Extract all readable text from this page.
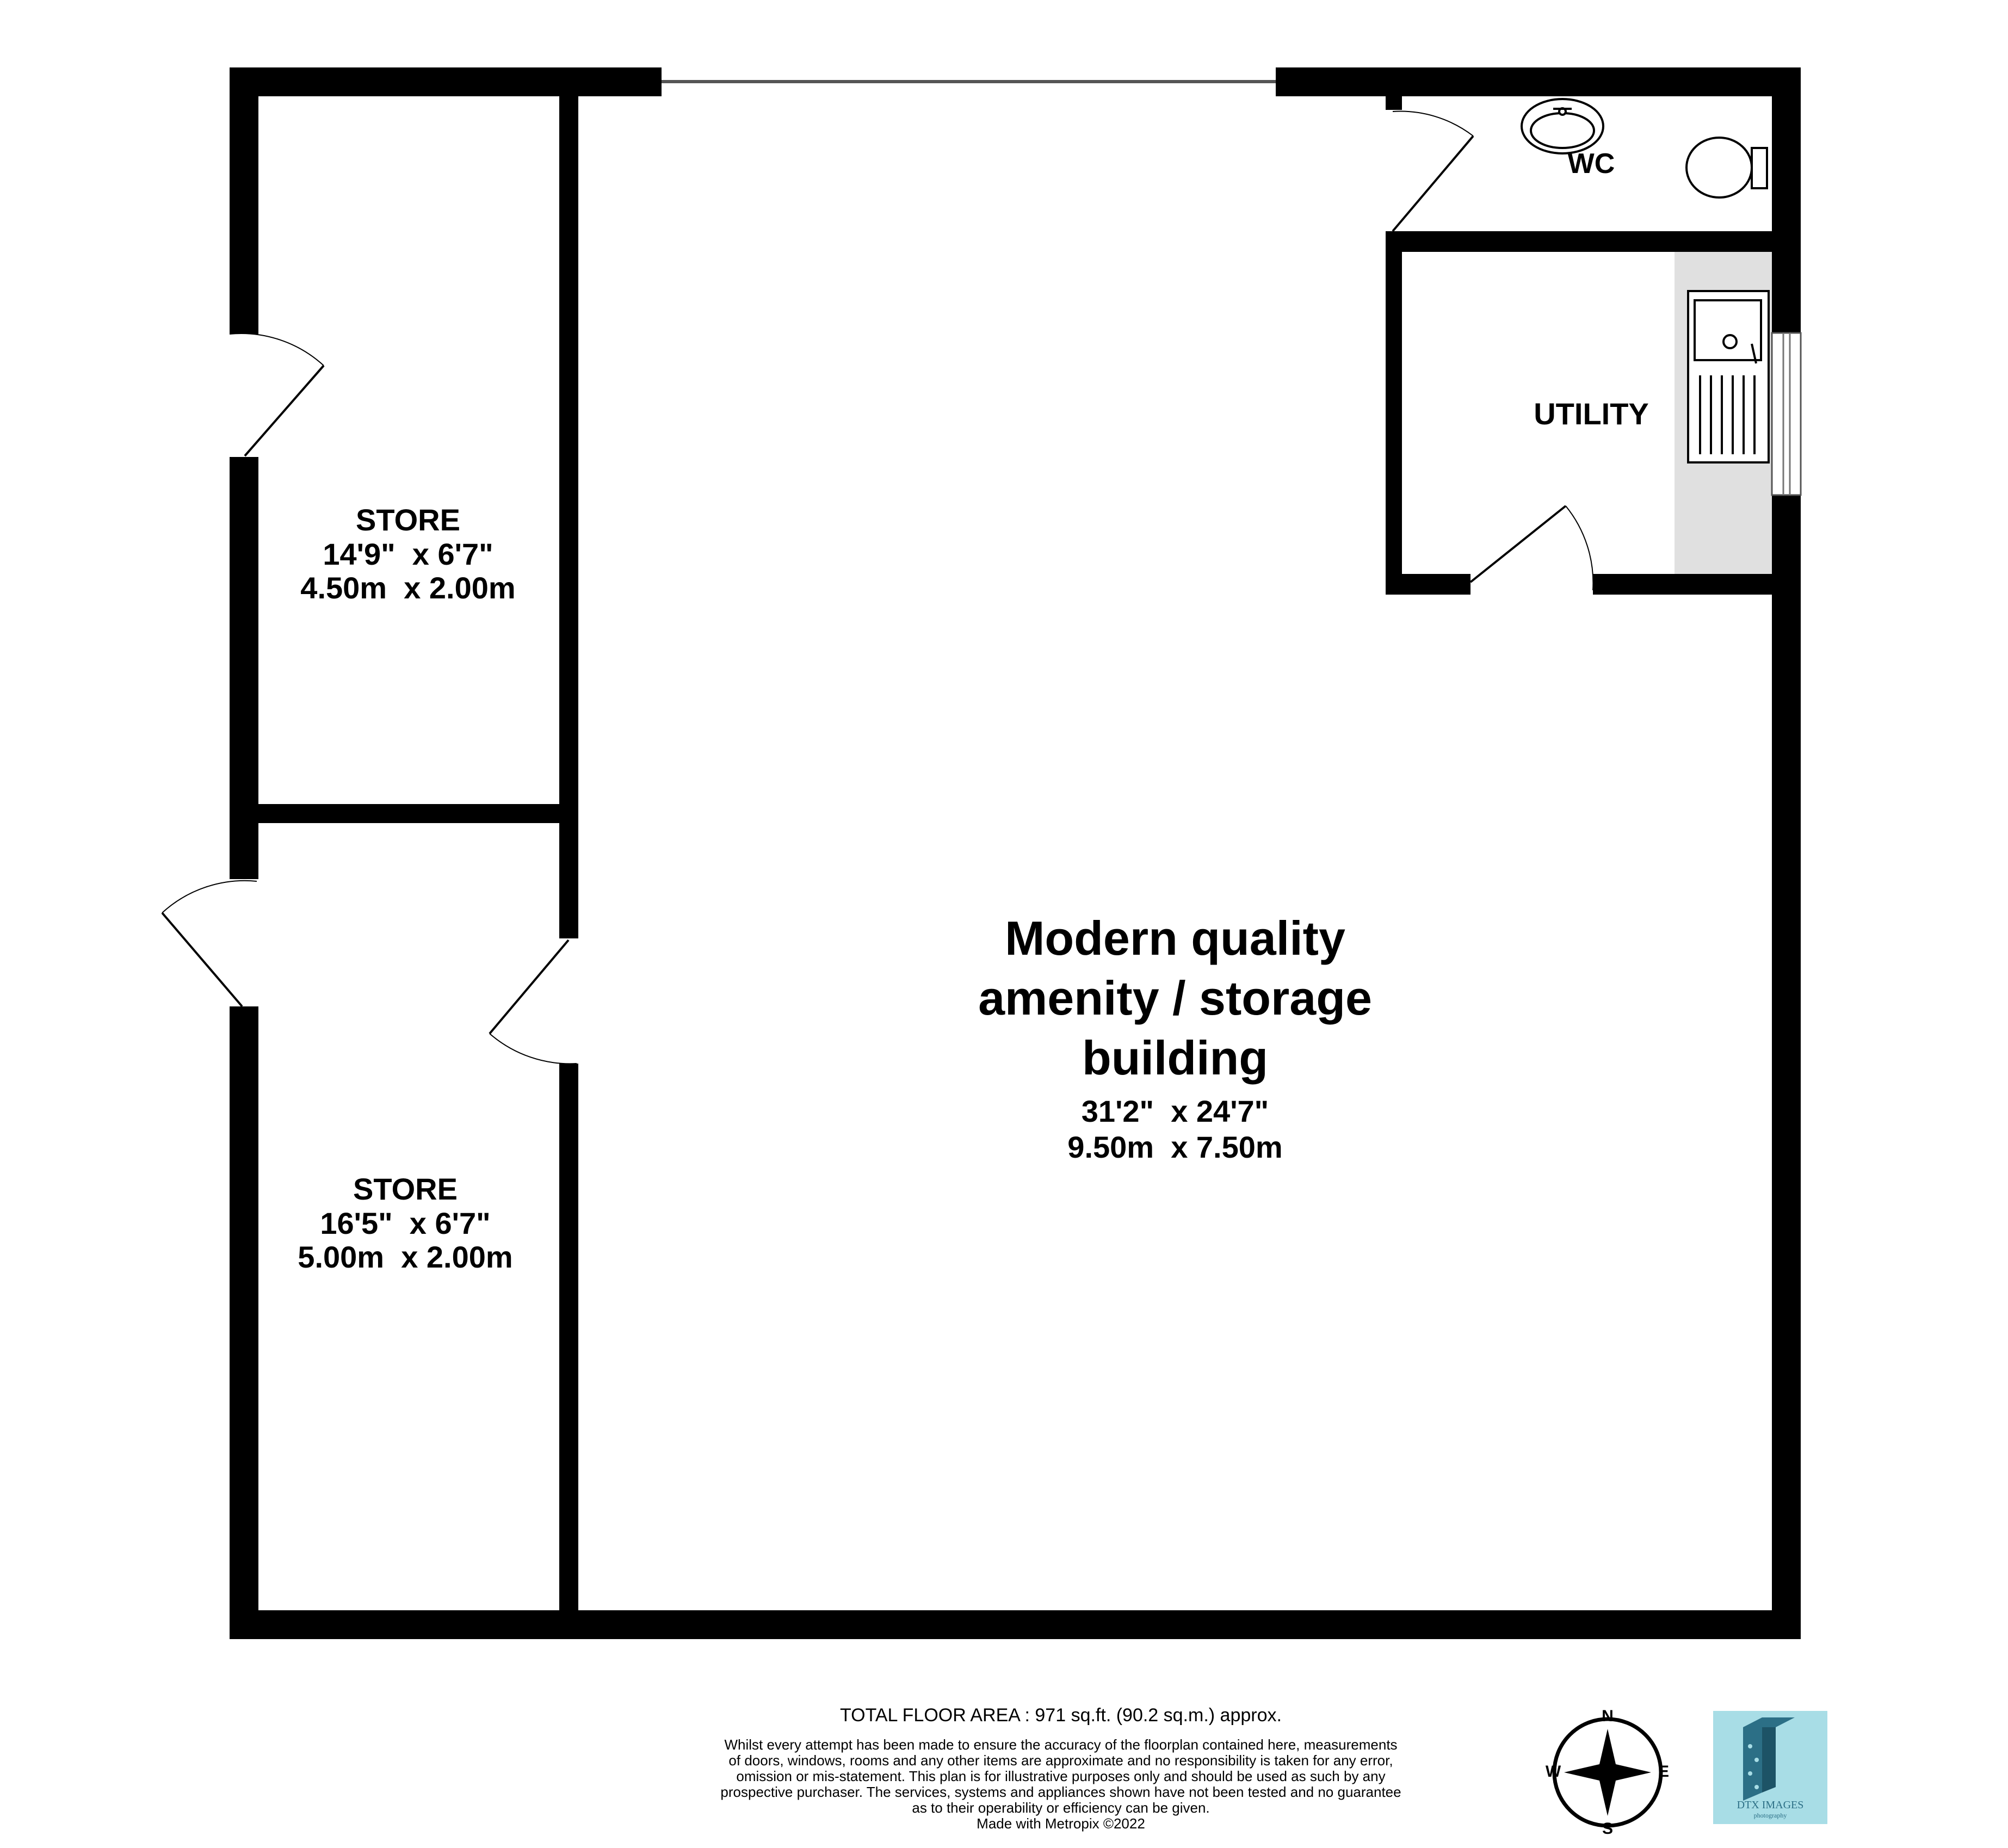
DTX IMAGES
photography
STORE
14'9"  x 6'7"
4.50m  x 2.00m
STORE
16'5"  x 6'7"
5.00m  x 2.00m
Modern quality
amenity / storage
building
31'2"  x 24'7"
9.50m  x 7.50m
WC
UTILITY
N
S
E
W
TOTAL FLOOR AREA : 971 sq.ft. (90.2 sq.m.) approx.
Whilst every attempt has been made to ensure the accuracy of the floorplan contained here, measurements
of doors, windows, rooms and any other items are approximate and no responsibility is taken for any error,
omission or mis-statement. This plan is for illustrative purposes only and should be used as such by any
prospective purchaser. The services, systems and appliances shown have not been tested and no guarantee
as to their operability or efficiency can be given.
Made with Metropix ©2022
